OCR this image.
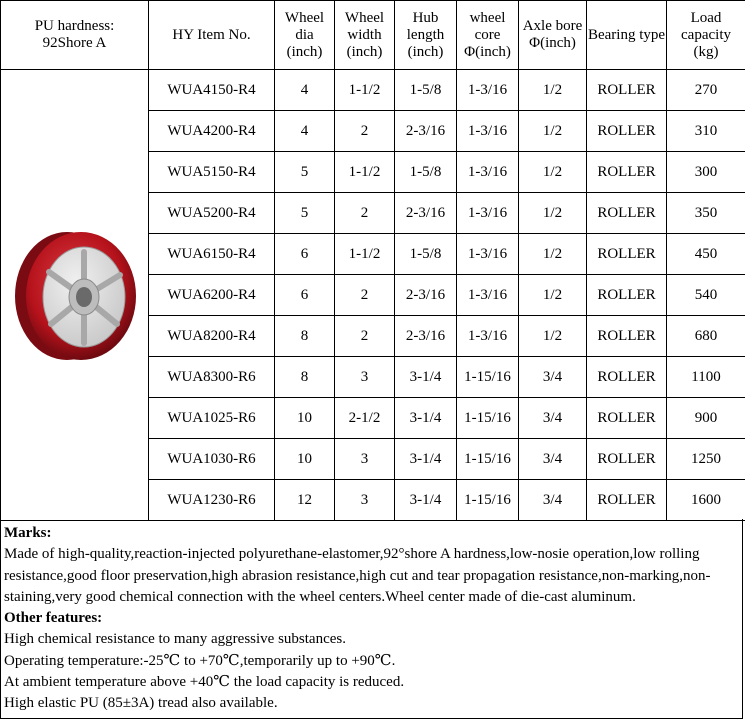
PU hardness:
92Shore A	HY Item No.	Wheel
dia
(inch)	Wheel
width
(inch)	Hub
length
(inch)	wheel
core
Φ(inch)	Axle bore
Φ(inch)	Bearing type	Load
capacity
(kg)

	WUA4150-R4	4	1-1/2	1-5/8	1-3/16	1/2	ROLLER	270
	WUA4200-R4	4	2	2-3/16	1-3/16	1/2	ROLLER	310
	WUA5150-R4	5	1-1/2	1-5/8	1-3/16	1/2	ROLLER	300
	WUA5200-R4	5	2	2-3/16	1-3/16	1/2	ROLLER	350
	WUA6150-R4	6	1-1/2	1-5/8	1-3/16	1/2	ROLLER	450
	WUA6200-R4	6	2	2-3/16	1-3/16	1/2	ROLLER	540
	WUA8200-R4	8	2	2-3/16	1-3/16	1/2	ROLLER	680
	WUA8300-R6	8	3	3-1/4	1-15/16	3/4	ROLLER	1100
	WUA1025-R6	10	2-1/2	3-1/4	1-15/16	3/4	ROLLER	900
	WUA1030-R6	10	3	3-1/4	1-15/16	3/4	ROLLER	1250
	WUA1230-R6	12	3	3-1/4	1-15/16	3/4	ROLLER	1600
Marks:
Made of high-quality,reaction-injected polyurethane-elastomer,92°shore A hardness,low-nosie operation,low rolling resistance,good floor preservation,high abrasion resistance,high cut and tear propagation resistance,non-marking,non-staining,very good chemical connection with the wheel centers.Wheel center made of die-cast aluminum.
Other features:
High chemical resistance to many aggressive substances.
Operating temperature:-25℃ to +70℃,temporarily up to +90℃.
At ambient temperature above +40℃ the load capacity is reduced.
High elastic PU (85±3A) tread also available.
